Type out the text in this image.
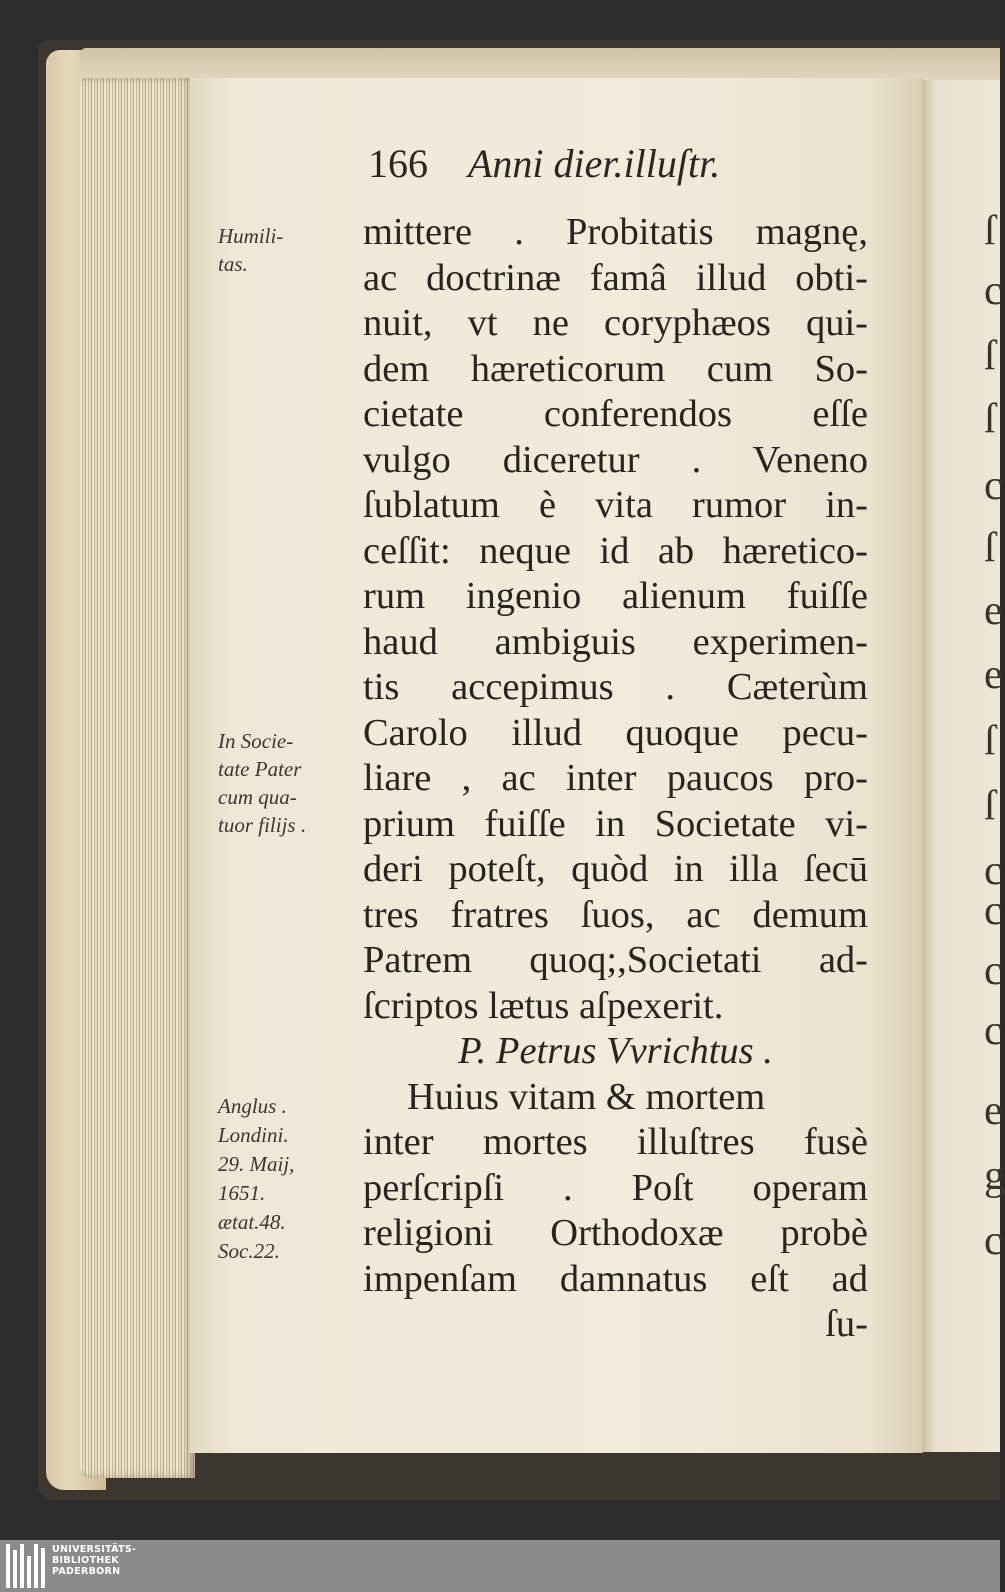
ſ
c
ſ
ſ
c
ſ
e
e
ſ
ſ
c
c
c
c
e
g
c
166 Anni dier.illuſtr.
Humili-
tas.
In Socie-
tate Pater
cum qua-
tuor filijs .
Anglus .
Londini.
29. Maij,
1651.
ætat.48.
Soc.22.
mittere . Probitatis magnę,
ac doctrinæ famâ illud obti-
nuit, vt ne coryphæos qui-
dem hæreticorum cum So-
cietate conferendos eſſe
vulgo diceretur . Veneno
ſublatum è vita rumor in-
ceſſit: neque id ab hæretico-
rum ingenio alienum fuiſſe
haud ambiguis experimen-
tis accepimus . Cæterùm
Carolo illud quoque pecu-
liare , ac inter paucos pro-
prium fuiſſe in Societate vi-
deri poteſt, quòd in illa ſecū
tres fratres ſuos, ac demum
Patrem quoq;,Societati ad-
ſcriptos lætus aſpexerit.
P. Petrus Vvrichtus .
Huius vitam & mortem
inter mortes illuſtres fusè
perſcripſi . Poſt operam
religioni Orthodoxæ probè
impenſam damnatus eſt ad
ſu-
UNIVERSITÄTS-
BIBLIOTHEK
PADERBORN
